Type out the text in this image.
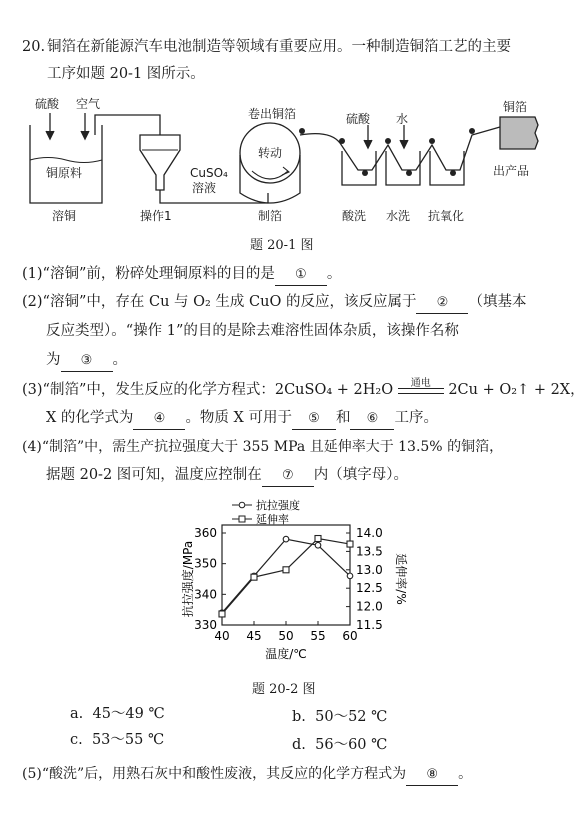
20. 铜箔在新能源汽车电池制造等领域有重要应用。一种制造铜箔工艺的主要
工序如题 20-1 图所示。
硫酸 空气
铜原料
溶铜	操作1
CuSO₄
溶液
卷出铜箔
转动
制箔
硫酸 水
酸洗 水洗 抗氧化
铜箔
出产品
题 20-1 图
(1)“溶铜”前，粉碎处理铜原料的目的是 ① 。
(2)“溶铜”中，存在 Cu 与 O₂ 生成 CuO 的反应，该反应属于 ② （填基本
反应类型）。“操作 1”的目的是除去难溶性固体杂质，该操作名称
为 ③ 。
(3)“制箔”中，发生反应的化学方程式：2CuSO₄ + 2H₂O	通电	2Cu + O₂↑ + 2X，
X 的化学式为 ④ 。物质 X 可用于 ⑤ 和 ⑥ 工序。
(4)“制箔”中，需生产抗拉强度大于 355 MPa 且延伸率大于 13.5% 的铜箔，
据题 20-2 图可知，温度应控制在 ⑦ 内（填字母）。
40 45 50 55 60
330
340
350
360
11.5
12.0
12.5
13.0
13.5
14.0
温度/℃
抗拉强度/MPa	延伸率/%
抗拉强度
延伸率
题 20-2 图
a. 45～49 ℃	b. 50～52 ℃
c. 53～55 ℃	d. 56～60 ℃
(5)“酸洗”后，用熟石灰中和酸性废液，其反应的化学方程式为 ⑧ 。
